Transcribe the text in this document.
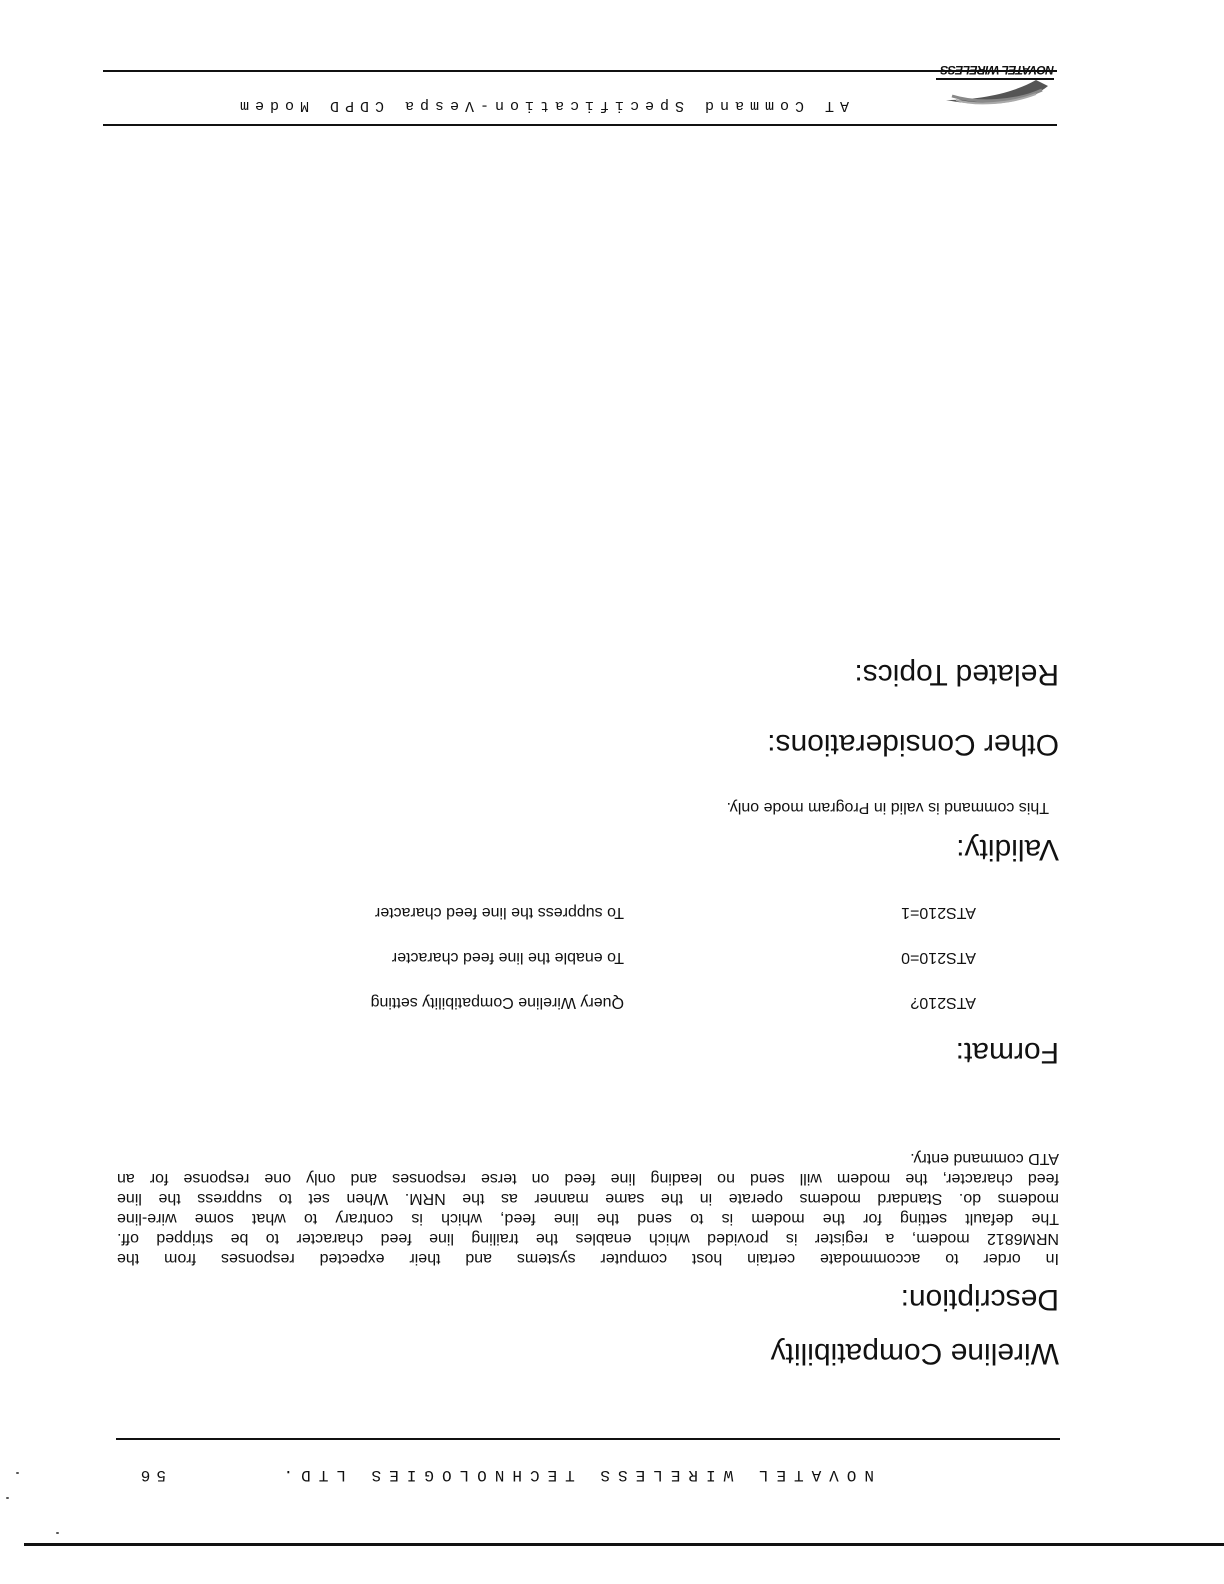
NOVATEL WIRELESS
AT Command Specification-Vespa CDPD Modem
Wireline Compatibility
Description:

In order to accommodate certain host computer systems and their expected responses from the
NRM6812 modem, a register is provided which enables the trailing line feed character to be stripped off.
The default setting for the modem is to send the line feed, which is contrary to what some wire-line
modems do. Standard modems operate in the same manner as the NRM. When set to suppress the line
feed character, the modem will send no leading line feed on terse responses and only one response for an
ATD command entry.

Format:
ATS210?
Query Wireline Compatibility setting
ATS210=0
To enable the line feed character
ATS210=1
To suppress the line feed character
Validity:
This command is valid in Program mode only.
Other Considerations:
Related Topics:
NOVATEL WIRELESS TECHNOLOGIES LTD.
56
